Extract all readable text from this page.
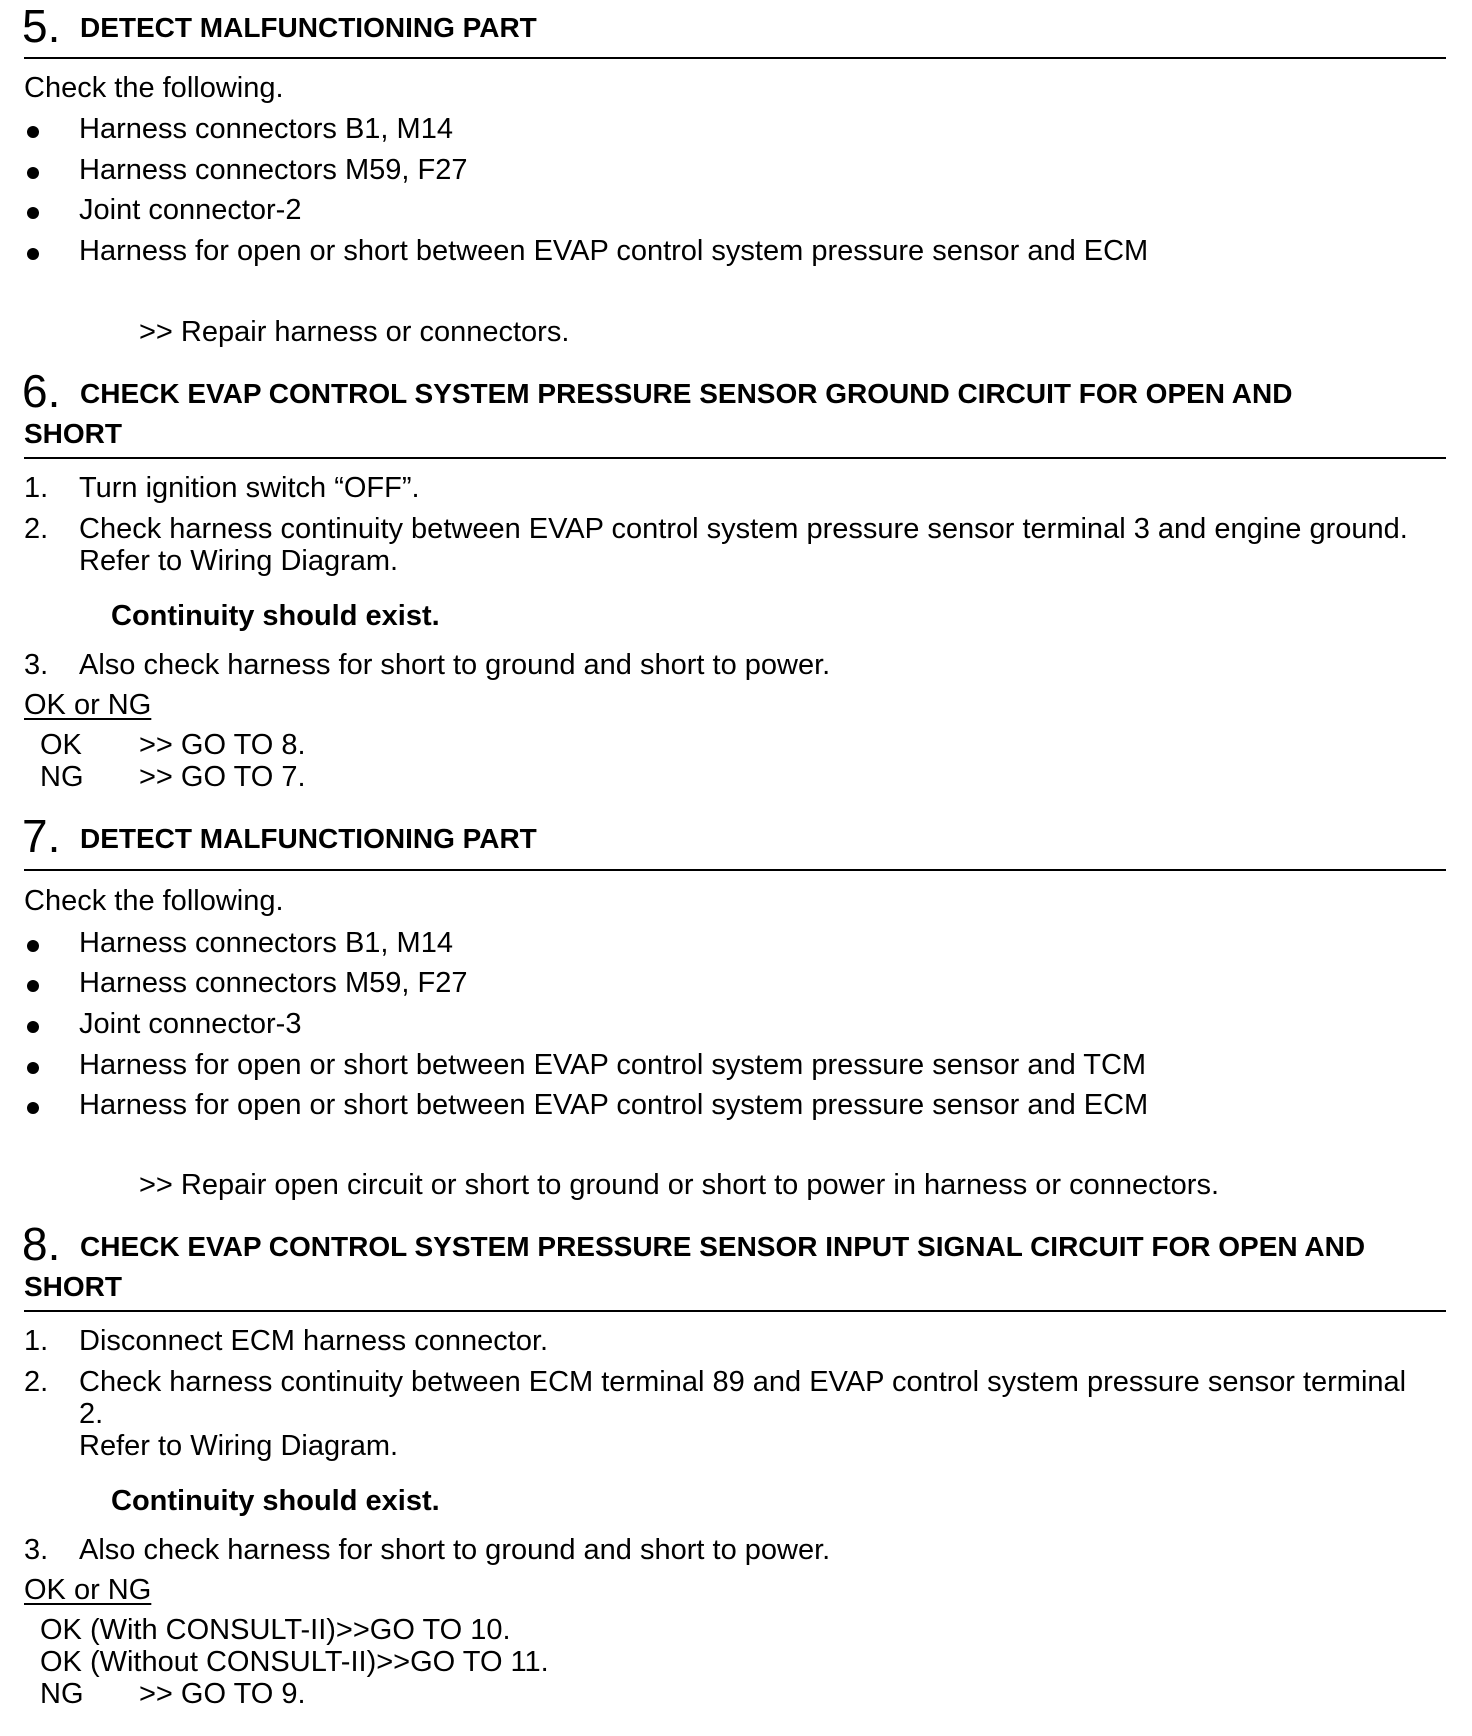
5. DETECT MALFUNCTIONING PART
Check the following.
Harness connectors B1, M14
Harness connectors M59, F27
Joint connector-2
Harness for open or short between EVAP control system pressure sensor and ECM
>> Repair harness or connectors.
6. CHECK EVAP CONTROL SYSTEM PRESSURE SENSOR GROUND CIRCUIT FOR OPEN AND
SHORT
1. Turn ignition switch “OFF”.
2. Check harness continuity between EVAP control system pressure sensor terminal 3 and engine ground.
Refer to Wiring Diagram.
Continuity should exist.
3. Also check harness for short to ground and short to power.
OK or NG
OK >> GO TO 8.
NG >> GO TO 7.
7. DETECT MALFUNCTIONING PART
Check the following.
Harness connectors B1, M14
Harness connectors M59, F27
Joint connector-3
Harness for open or short between EVAP control system pressure sensor and TCM
Harness for open or short between EVAP control system pressure sensor and ECM
>> Repair open circuit or short to ground or short to power in harness or connectors.
8. CHECK EVAP CONTROL SYSTEM PRESSURE SENSOR INPUT SIGNAL CIRCUIT FOR OPEN AND
SHORT
1. Disconnect ECM harness connector.
2. Check harness continuity between ECM terminal 89 and EVAP control system pressure sensor terminal
2.
Refer to Wiring Diagram.
Continuity should exist.
3. Also check harness for short to ground and short to power.
OK or NG
OK (With CONSULT-II)>>GO TO 10.
OK (Without CONSULT-II)>>GO TO 11.
NG >> GO TO 9.
